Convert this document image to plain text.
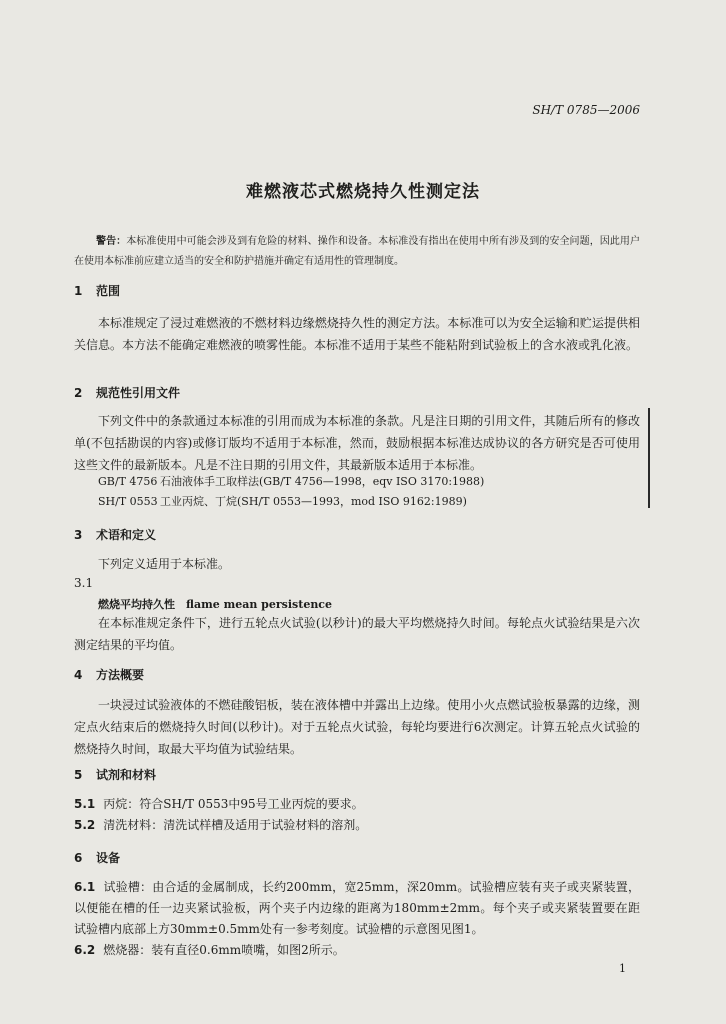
SH/T 0785—2006
难燃液芯式燃烧持久性测定法
警告：本标准使用中可能会涉及到有危险的材料、操作和设备。本标准没有指出在使用中所有涉及到的安全问题，因此用户在使用本标准前应建立适当的安全和防护措施并确定有适用性的管理制度。
1 范围
本标准规定了浸过难燃液的不燃材料边缘燃烧持久性的测定方法。本标准可以为安全运输和贮运提供相关信息。本方法不能确定难燃液的喷雾性能。本标准不适用于某些不能粘附到试验板上的含水液或乳化液。
2 规范性引用文件
下列文件中的条款通过本标准的引用而成为本标准的条款。凡是注日期的引用文件，其随后所有的修改单(不包括勘误的内容)或修订版均不适用于本标准，然而，鼓励根据本标准达成协议的各方研究是否可使用这些文件的最新版本。凡是不注日期的引用文件，其最新版本适用于本标准。
GB/T 4756 石油液体手工取样法(GB/T 4756—1998，eqv ISO 3170:1988)
SH/T 0553 工业丙烷、丁烷(SH/T 0553—1993，mod ISO 9162:1989)
3 术语和定义
下列定义适用于本标准。
3.1
燃烧平均持久性　flame mean persistence
在本标准规定条件下，进行五轮点火试验(以秒计)的最大平均燃烧持久时间。每轮点火试验结果是六次测定结果的平均值。
4 方法概要
一块浸过试验液体的不燃硅酸铝板，装在液体槽中并露出上边缘。使用小火点燃试验板暴露的边缘，测定点火结束后的燃烧持久时间(以秒计)。对于五轮点火试验，每轮均要进行6次测定。计算五轮点火试验的燃烧持久时间，取最大平均值为试验结果。
5 试剂和材料
5.1 丙烷：符合SH/T 0553中95号工业丙烷的要求。
5.2 清洗材料：清洗试样槽及适用于试验材料的溶剂。
6 设备
6.1 试验槽：由合适的金属制成，长约200mm，宽25mm，深20mm。试验槽应装有夹子或夹紧装置，以便能在槽的任一边夹紧试验板，两个夹子内边缘的距离为180mm±2mm。每个夹子或夹紧装置要在距试验槽内底部上方30mm±0.5mm处有一参考刻度。试验槽的示意图见图1。
6.2 燃烧器：装有直径0.6mm喷嘴，如图2所示。
1
